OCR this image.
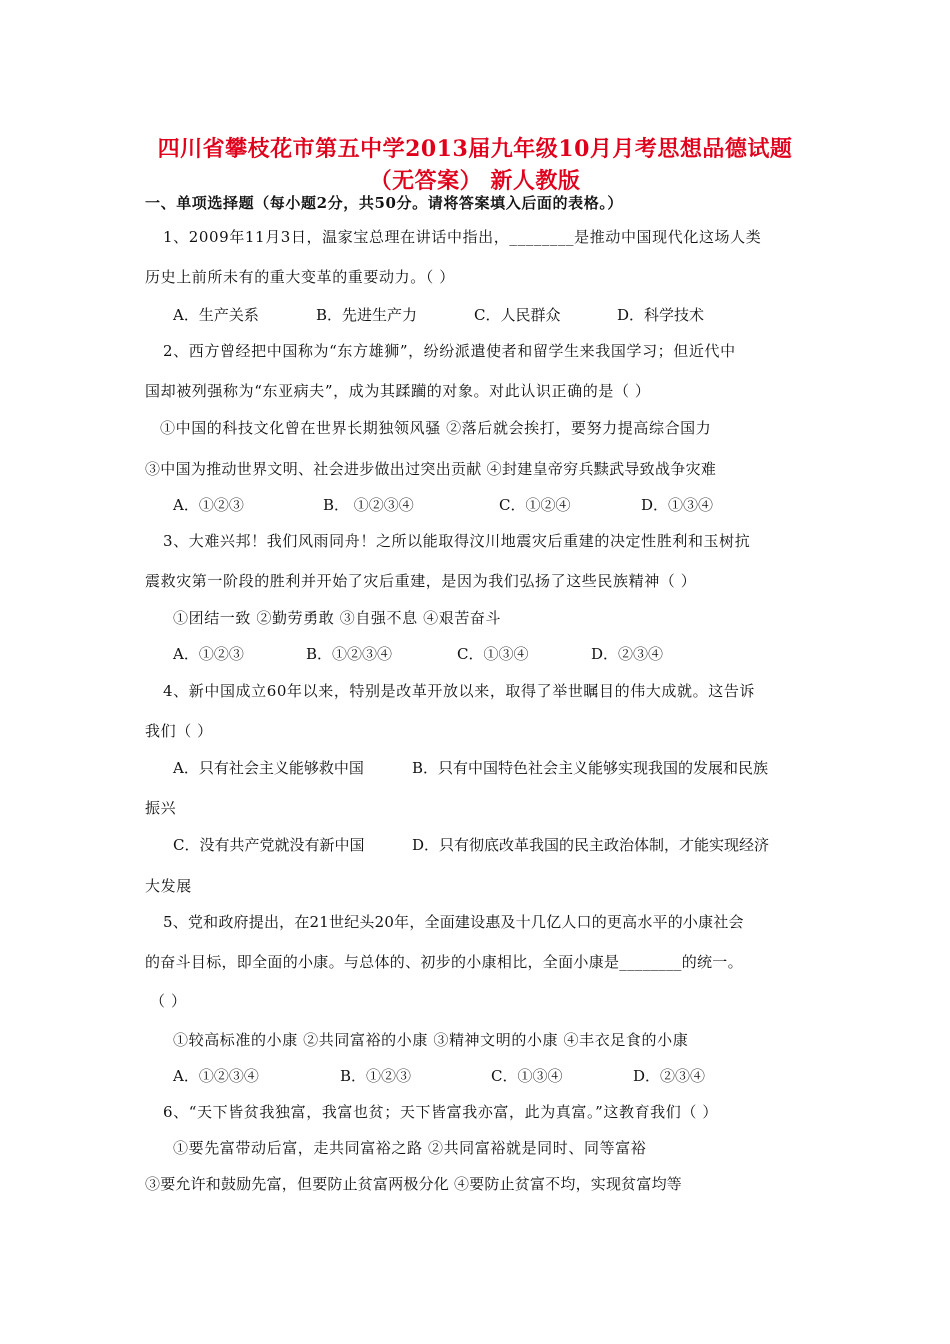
四川省攀枝花市第五中学2013届九年级10月月考思想品德试题
（无答案） 新人教版
一、单项选择题（每小题2分，共50分。请将答案填入后面的表格。）
1、2009年11月3日，温家宝总理在讲话中指出，________是推动中国现代化这场人类
历史上前所未有的重大变革的重要动力。（ ）
A．生产关系	B．先进生产力	C．人民群众	D．科学技术
2、西方曾经把中国称为“东方雄狮”，纷纷派遣使者和留学生来我国学习；但近代中
国却被列强称为“东亚病夫”，成为其蹂躏的对象。对此认识正确的是（ ）
①中国的科技文化曾在世界长期独领风骚 ②落后就会挨打，要努力提高综合国力
③中国为推动世界文明、社会进步做出过突出贡献 ④封建皇帝穷兵黩武导致战争灾难
A．①②③	B． ①②③④	C．①②④	D．①③④
3、大难兴邦！我们风雨同舟！之所以能取得汶川地震灾后重建的决定性胜利和玉树抗
震救灾第一阶段的胜利并开始了灾后重建，是因为我们弘扬了这些民族精神（ ）
①团结一致 ②勤劳勇敢 ③自强不息 ④艰苦奋斗
A．①②③	B．①②③④	C．①③④	D．②③④
4、新中国成立60年以来，特别是改革开放以来，取得了举世瞩目的伟大成就。这告诉
我们（ ）
A．只有社会主义能够救中国	B．只有中国特色社会主义能够实现我国的发展和民族
振兴
C．没有共产党就没有新中国	D．只有彻底改革我国的民主政治体制，才能实现经济
大发展
5、党和政府提出，在21世纪头20年，全面建设惠及十几亿人口的更高水平的小康社会
的奋斗目标，即全面的小康。与总体的、初步的小康相比，全面小康是________的统一。
（ ）
①较高标准的小康 ②共同富裕的小康 ③精神文明的小康 ④丰衣足食的小康
A．①②③④	B．①②③	C．①③④	D．②③④
6、“天下皆贫我独富，我富也贫；天下皆富我亦富，此为真富。”这教育我们（ ）
①要先富带动后富，走共同富裕之路 ②共同富裕就是同时、同等富裕
③要允许和鼓励先富，但要防止贫富两极分化 ④要防止贫富不均，实现贫富均等
